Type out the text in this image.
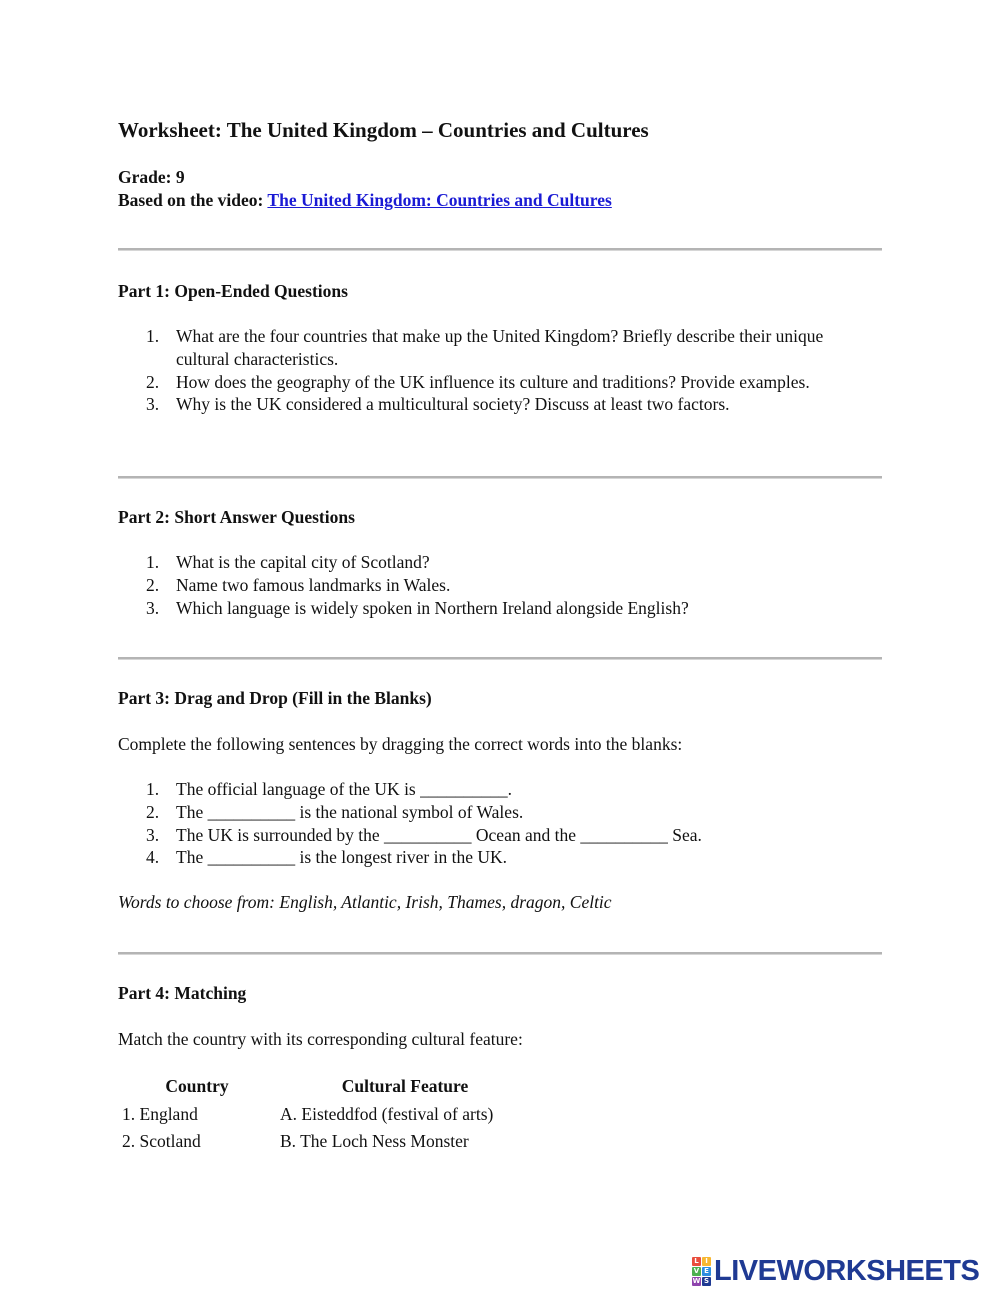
Worksheet: The United Kingdom – Countries and Cultures
Grade: 9
Based on the video: The United Kingdom: Countries and Cultures
Part 1: Open-Ended Questions
1. What are the four countries that make up the United Kingdom? Briefly describe their unique cultural characteristics.
2. How does the geography of the UK influence its culture and traditions? Provide examples.
3. Why is the UK considered a multicultural society? Discuss at least two factors.
Part 2: Short Answer Questions
1. What is the capital city of Scotland?
2. Name two famous landmarks in Wales.
3. Which language is widely spoken in Northern Ireland alongside English?
Part 3: Drag and Drop (Fill in the Blanks)
Complete the following sentences by dragging the correct words into the blanks:
1. The official language of the UK is __________.
2. The __________ is the national symbol of Wales.
3. The UK is surrounded by the __________ Ocean and the __________ Sea.
4. The __________ is the longest river in the UK.
Words to choose from: English, Atlantic, Irish, Thames, dragon, Celtic
Part 4: Matching
Match the country with its corresponding cultural feature:
Country	Cultural Feature
1. England	A. Eisteddfod (festival of arts)
2. Scotland	B. The Loch Ness Monster
L I
V E
W S LIVEWORKSHEETS
